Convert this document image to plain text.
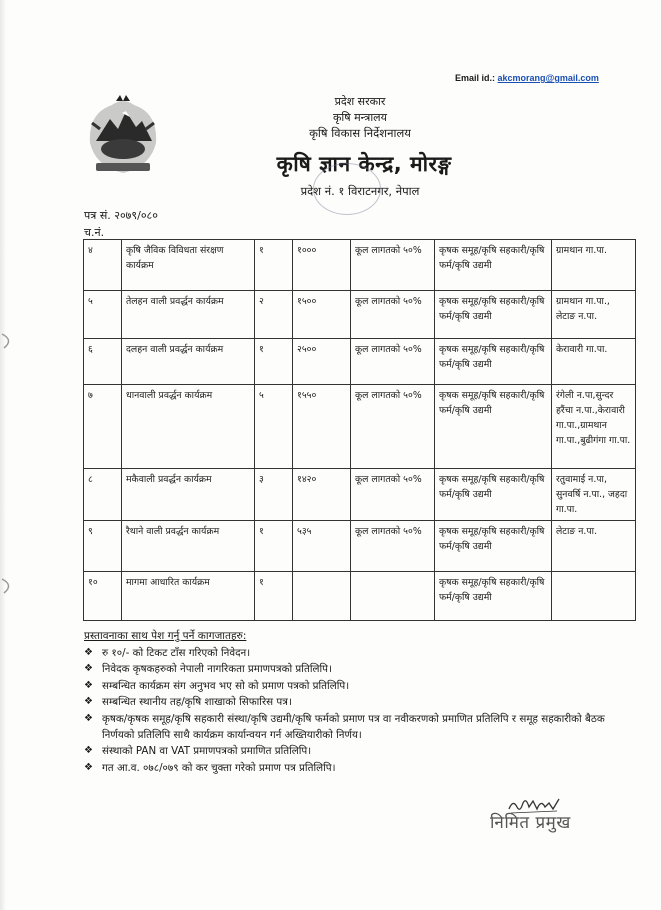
Email id.: akcmorang@gmail.com
प्रदेश सरकार
कृषि मन्त्रालय
कृषि विकास निर्देशनालय
कृषि ज्ञान केन्द्र, मोरङ्ग
प्रदेश नं. १ विराटनगर, नेपाल
पत्र सं. २०७९/०८०
च.नं.
४	कृषि जैविक विविधता संरक्षण कार्यक्रम	१	१०००	कूल लागतको ५०%	कृषक समूह/कृषि सहकारी/कृषि फर्म/कृषि उद्यमी	ग्रामथान गा.पा.
५	तेलहन वाली प्रवर्द्धन कार्यक्रम	२	१५००	कूल लागतको ५०%	कृषक समूह/कृषि सहकारी/कृषि फर्म/कृषि उद्यमी	ग्रामथान गा.पा., लेटाङ न.पा.
६	दलहन वाली प्रवर्द्धन कार्यक्रम	१	२५००	कूल लागतको ५०%	कृषक समूह/कृषि सहकारी/कृषि फर्म/कृषि उद्यमी	केरावारी गा.पा.
७	धानवाली प्रवर्द्धन कार्यक्रम	५	१५५०	कूल लागतको ५०%	कृषक समूह/कृषि सहकारी/कृषि फर्म/कृषि उद्यमी	रंगेली न.पा,सुन्दर हरैंचा न.पा.,केरावारी गा.पा.,ग्रामथान गा.पा.,बुढीगंगा गा.पा.
८	मकैवाली प्रवर्द्धन कार्यक्रम	३	१४२०	कूल लागतको ५०%	कृषक समूह/कृषि सहकारी/कृषि फर्म/कृषि उद्यमी	रतुवामाई न.पा, सुनवर्षि न.पा., जहदा गा.पा.
९	रैथाने वाली प्रवर्द्धन कार्यक्रम	१	५३५	कूल लागतको ५०%	कृषक समूह/कृषि सहकारी/कृषि फर्म/कृषि उद्यमी	लेटाङ न.पा.
१०	मागमा आधारित कार्यक्रम	१			कृषक समूह/कृषि सहकारी/कृषि फर्म/कृषि उद्यमी	
प्रस्तावनाका साथ पेश गर्नु पर्ने कागजातहरु:
❖ रु १०/- को टिकट टाँस गरिएको निवेदन।
❖ निवेदक कृषकहरुको नेपाली नागरिकता प्रमाणपत्रको प्रतिलिपि।
❖ सम्बन्धित कार्यक्रम संग अनुभव भए सो को प्रमाण पत्रको प्रतिलिपि।
❖ सम्बन्धित स्थानीय तह/कृषि शाखाको सिफारिस पत्र।
❖ कृषक/कृषक समूह/कृषि सहकारी संस्था/कृषि उद्यमी/कृषि फर्मको प्रमाण पत्र वा नवीकरणको प्रमाणित प्रतिलिपि र समूह सहकारीको बैठक निर्णयको प्रतिलिपि साथै कार्यक्रम कार्यान्वयन गर्न अख्तियारीको निर्णय।
❖ संस्थाको PAN वा VAT प्रमाणपत्रको प्रमाणित प्रतिलिपि।
❖ गत आ.व. ०७८/०७९ को कर चुक्ता गरेको प्रमाण पत्र प्रतिलिपि।
निमित प्रमुख
